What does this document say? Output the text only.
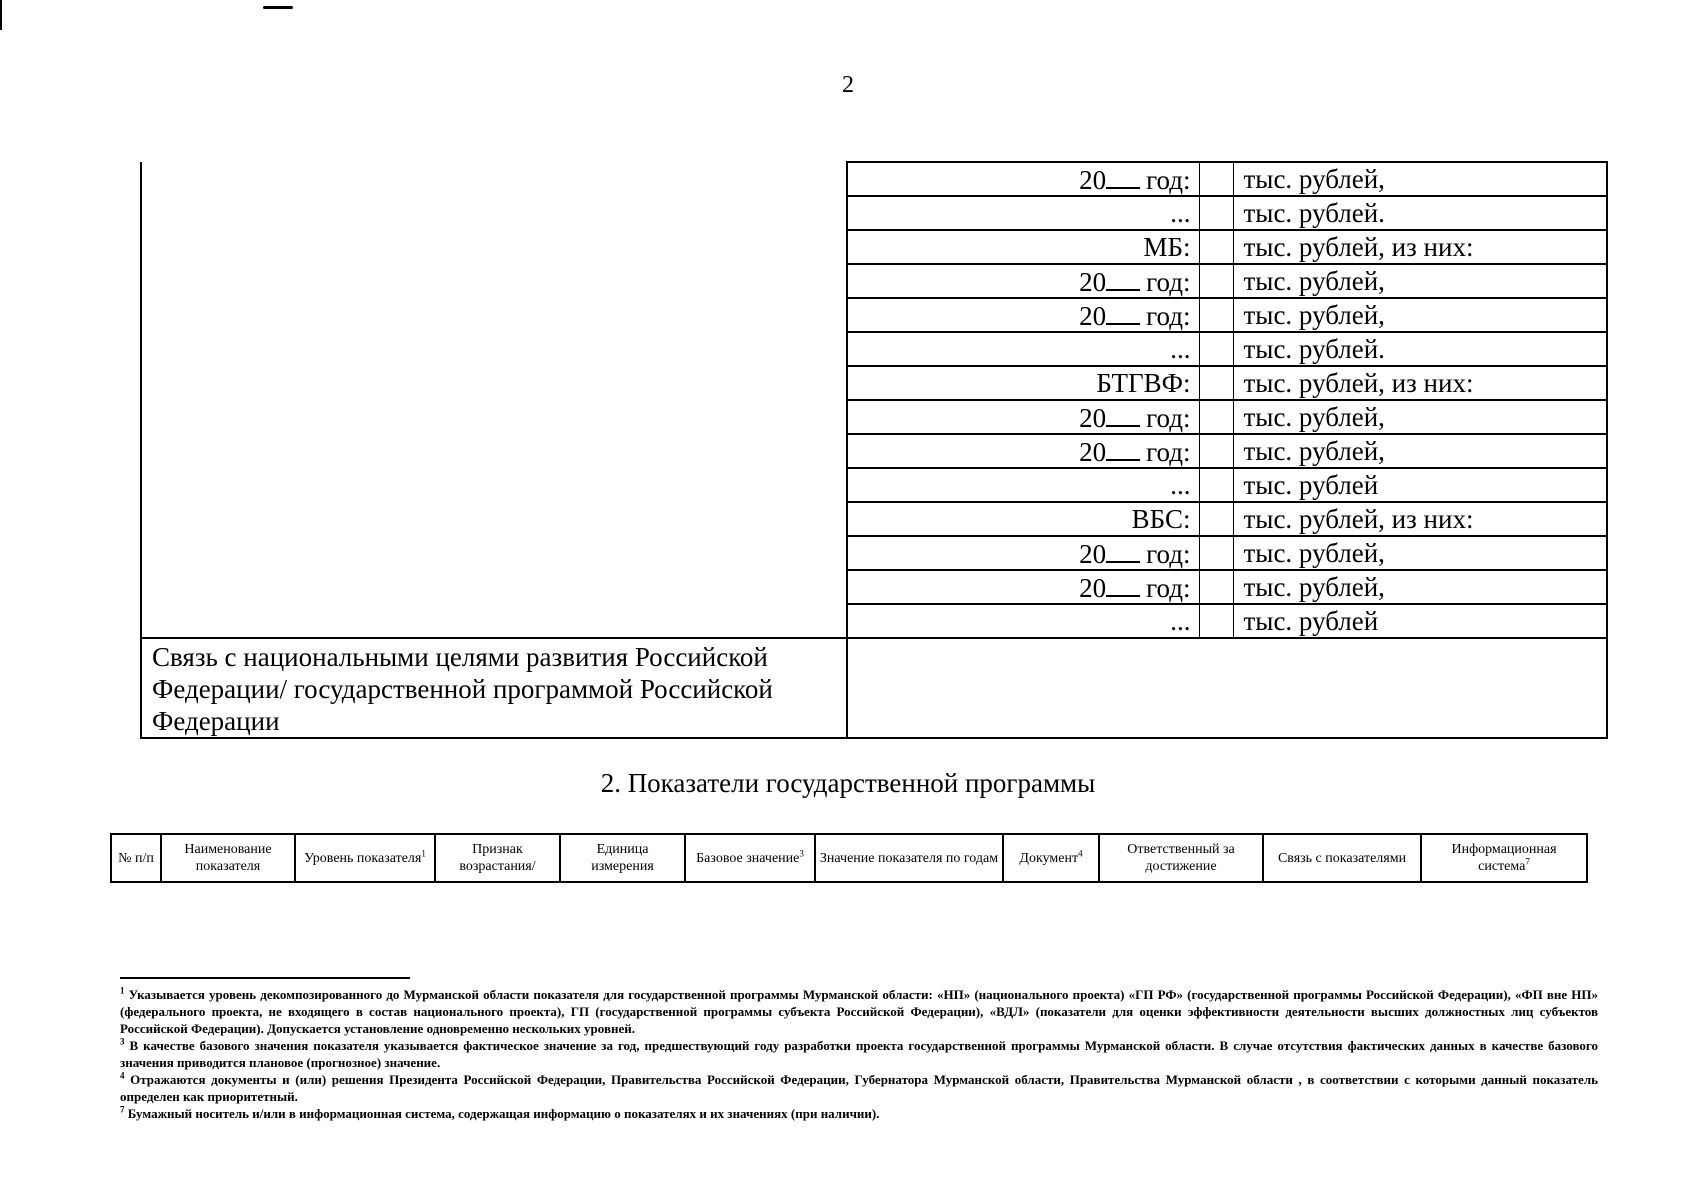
2
	20 год:		тыс. рублей,
	...		тыс. рублей.
	МБ:		тыс. рублей, из них:
	20 год:		тыс. рублей,
	20 год:		тыс. рублей,
	...		тыс. рублей.
	БТГВФ:		тыс. рублей, из них:
	20 год:		тыс. рублей,
	20 год:		тыс. рублей,
	...		тыс. рублей
	ВБС:		тыс. рублей, из них:
	20 год:		тыс. рублей,
	20 год:		тыс. рублей,
	...		тыс. рублей
Связь с национальными целями развития Российской Федерации/ государственной программой Российской Федерации			
2. Показатели государственной программы
№ п/п	Наименование показателя	Уровень показателя$^1$	Признак возрастания/	Единица измерения	Базовое значение$^3$	Значение показателя по годам	Документ$^4$	Ответственный за достижение	Связь с показателями	Информационная система$^7$

$^1$ Указывается уровень декомпозированного до Мурманской области показателя для государственной программы Мурманской области: «НП» (национального проекта) «ГП РФ» (государственной программы Российской Федерации), «ФП вне НП» (федерального проекта, не входящего в состав национального проекта), ГП (государственной программы субъекта Российской Федерации), «ВДЛ» (показатели для оценки эффективности деятельности высших должностных лиц субъектов Российской Федерации). Допускается установление одновременно нескольких уровней.

$^3$ В качестве базового значения показателя указывается фактическое значение за год, предшествующий году разработки проекта государственной программы Мурманской области. В случае отсутствия фактических данных в качестве базового значения приводится плановое (прогнозное) значение.

$^4$ Отражаются документы и (или) решения Президента Российской Федерации, Правительства Российской Федерации, Губернатора Мурманской области, Правительства Мурманской области , в соответствии с которыми данный показатель определен как приоритетный.

$^7$ Бумажный носитель и/или в информационная система, содержащая информацию о показателях и их значениях (при наличии).
